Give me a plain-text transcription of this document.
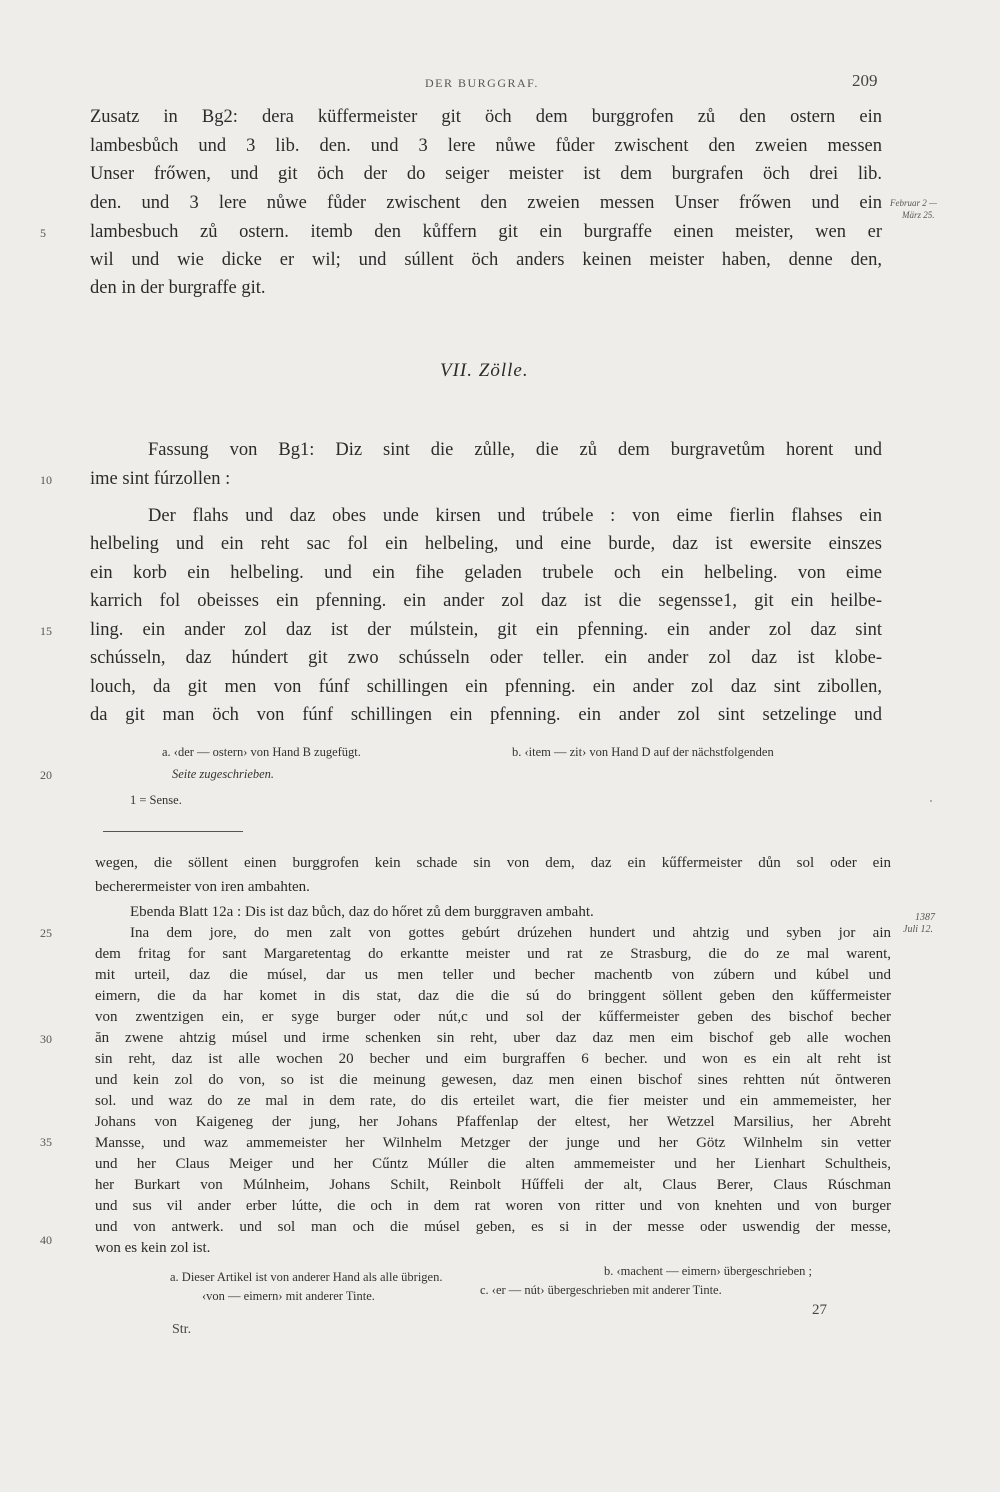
DER BURGGRAF.	209
Zusatz in Bg2: dera küffermeister git öch dem burggrofen zů den ostern ein
lambesbůch und 3 lib. den. und 3 lere nůwe fůder zwischent den zweien messen
Unser frőwen, und git öch der do seiger meister ist dem burgrafen öch drei lib.
den. und 3 lere nůwe fůder zwischent den zweien messen Unser frőwen und ein
lambesbuch zů ostern. itemb den kůffern git ein burgraffe einen meister, wen er
wil und wie dicke er wil; und súllent öch anders keinen meister haben, denne den,
den in der burgraffe git.
Februar 2 —
März 25.
VII. Zölle.
Fassung von Bg1: Diz sint die zůlle, die zů dem burgravetům horent und
ime sint fúrzollen :
Der flahs und daz obes unde kirsen und trúbele : von eime fierlin flahses ein
helbeling und ein reht sac fol ein helbeling, und eine burde, daz ist ewersite einszes
ein korb ein helbeling. und ein fihe geladen trubele och ein helbeling. von eime
karrich fol obeisses ein pfenning. ein ander zol daz ist die segensse1, git ein heilbe-
ling. ein ander zol daz ist der múlstein, git ein pfenning. ein ander zol daz sint
schússeln, daz húndert git zwo schússeln oder teller. ein ander zol daz ist klobe-
louch, da git men von fúnf schillingen ein pfenning. ein ander zol daz sint zibollen,
da git man öch von fúnf schillingen ein pfenning. ein ander zol sint setzelinge und
a. ‹der — ostern› von Hand B zugefügt.	b. ‹item — zit› von Hand D auf der nächstfolgenden
Seite zugeschrieben.
1 = Sense.
wegen, die söllent einen burggrofen kein schade sin von dem, daz ein kűffermeister důn sol oder ein
becherermeister von iren ambahten.
Ebenda Blatt 12a : Dis ist daz bůch, daz do hőret zů dem burggraven ambaht.
Ina dem jore, do men zalt von gottes gebúrt drúzehen hundert und ahtzig und syben jor ain
dem fritag for sant Margaretentag do erkantte meister und rat ze Strasburg, die do ze mal warent,
mit urteil, daz die músel, dar us men teller und becher machentb von zúbern und kúbel und
eimern, die da har komet in dis stat, daz die die sú do bringgent söllent geben den kűffermeister
von zwentzigen ein, er syge burger oder nút,c und sol der kűffermeister geben des bischof becher
ăn zwene ahtzig músel und irme schenken sin reht, uber daz daz men eim bischof geb alle wochen
sin reht, daz ist alle wochen 20 becher und eim burgraffen 6 becher. und won es ein alt reht ist
und kein zol do von, so ist die meinung gewesen, daz men einen bischof sines rehtten nút ŏntweren
sol. und waz do ze mal in dem rate, do dis erteilet wart, die fier meister und ein ammemeister, her
Johans von Kaigeneg der jung, her Johans Pfaffenlap der eltest, her Wetzzel Marsilius, her Abreht
Mansse, und waz ammemeister her Wilnhelm Metzger der junge und her Götz Wilnhelm sin vetter
und her Claus Meiger und her Cűntz Múller die alten ammemeister und her Lienhart Schultheis,
her Burkart von Múlnheim, Johans Schilt, Reinbolt Hűffeli der alt, Claus Berer, Claus Rúschman
und sus vil ander erber lútte, die och in dem rat woren von ritter und von knehten und von burger
und von antwerk. und sol man och die músel geben, es si in der messe oder uswendig der messe,
won es kein zol ist.
1387
Juli 12.
a. Dieser Artikel ist von anderer Hand als alle übrigen.	b. ‹machent — eimern› übergeschrieben ;
‹von — eimern› mit anderer Tinte.	c. ‹er — nút› übergeschrieben mit anderer Tinte.
27
Str.
5
10
15
20
25
30
35
40
